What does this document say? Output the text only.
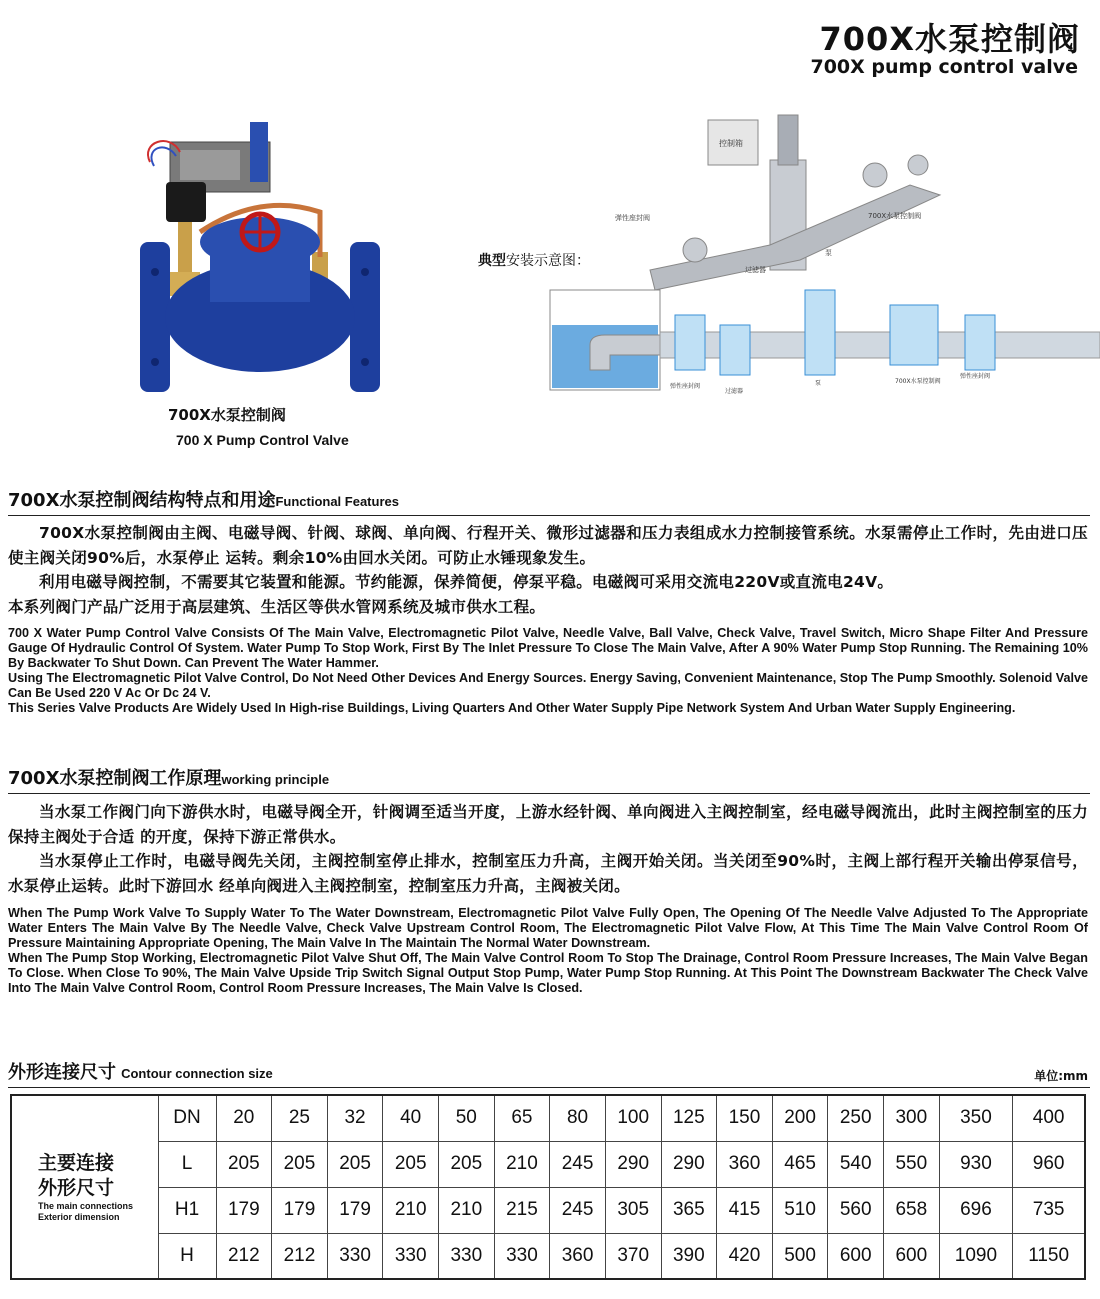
700X水泵控制阀
700X pump control valve
700X水泵控制阀
700 X Pump Control Valve
控制箱
弹性座封阀	700X水泵控制阀
泵
过滤器
弹性座封阀
过滤器
泵	700X水泵控制阀
弹性座封阀
典型安装示意图：
700X水泵控制阀结构特点和用途Functional Features

700X水泵控制阀由主阀、电磁导阀、针阀、球阀、单向阀、行程开关、微形过滤器和压力表组成水力控制接管系统。水泵需停止工作时，先由进口压使主阀关闭90%后，水泵停止 运转。剩余10%由回水关闭。可防止水锤现象发生。

利用电磁导阀控制，不需要其它装置和能源。节约能源，保养简便，停泵平稳。电磁阀可采用交流电220V或直流电24V。

本系列阀门产品广泛用于高层建筑、生活区等供水管网系统及城市供水工程。

700 X Water Pump Control Valve Consists Of The Main Valve, Electromagnetic Pilot Valve, Needle Valve, Ball Valve, Check Valve, Travel Switch, Micro Shape Filter And Pressure Gauge Of Hydraulic Control Of System. Water Pump To Stop Work, First By The Inlet Pressure To Close The Main Valve, After A 90% Water Pump Stop Running. The Remaining 10% By Backwater To Shut Down. Can Prevent The Water Hammer.

Using The Electromagnetic Pilot Valve Control, Do Not Need Other Devices And Energy Sources. Energy Saving, Convenient Maintenance, Stop The Pump Smoothly. Solenoid Valve Can Be Used 220 V Ac Or Dc 24 V.

This Series Valve Products Are Widely Used In High-rise Buildings, Living Quarters And Other Water Supply Pipe Network System And Urban Water Supply Engineering.

700X水泵控制阀工作原理working principle

当水泵工作阀门向下游供水时，电磁导阀全开，针阀调至适当开度，上游水经针阀、单向阀进入主阀控制室，经电磁导阀流出，此时主阀控制室的压力保持主阀处于合适 的开度，保持下游正常供水。

当水泵停止工作时，电磁导阀先关闭，主阀控制室停止排水，控制室压力升高，主阀开始关闭。当关闭至90%时，主阀上部行程开关输出停泵信号，水泵停止运转。此时下游回水 经单向阀进入主阀控制室，控制室压力升高，主阀被关闭。

When The Pump Work Valve To Supply Water To The Water Downstream, Electromagnetic Pilot Valve Fully Open, The Opening Of The Needle Valve Adjusted To The Appropriate Water Enters The Main Valve By The Needle Valve, Check Valve Upstream Control Room, The Electromagnetic Pilot Valve Flow, At This Time The Main Valve Control Room Of Pressure Maintaining Appropriate Opening, The Main Valve In The Maintain The Normal Water Downstream.

When The Pump Stop Working, Electromagnetic Pilot Valve Shut Off, The Main Valve Control Room To Stop The Drainage, Control Room Pressure Increases, The Main Valve Began To Close. When Close To 90%, The Main Valve Upside Trip Switch Signal Output Stop Pump, Water Pump Stop Running. At This Point The Downstream Backwater The Check Valve Into The Main Valve Control Room, Control Room Pressure Increases, The Main Valve Is Closed.

外形连接尺寸 Contour connection size	单位:mm
主要连接
外形尺寸
The main connections
Exterior dimension	DN	20	25	32	40	50	65	80	100	125	150	200	250	300	350	400
	L	205	205	205	205	205	210	245	290	290	360	465	540	550	930	960
	H1	179	179	179	210	210	215	245	305	365	415	510	560	658	696	735
	H	212	212	330	330	330	330	360	370	390	420	500	600	600	1090	1150
